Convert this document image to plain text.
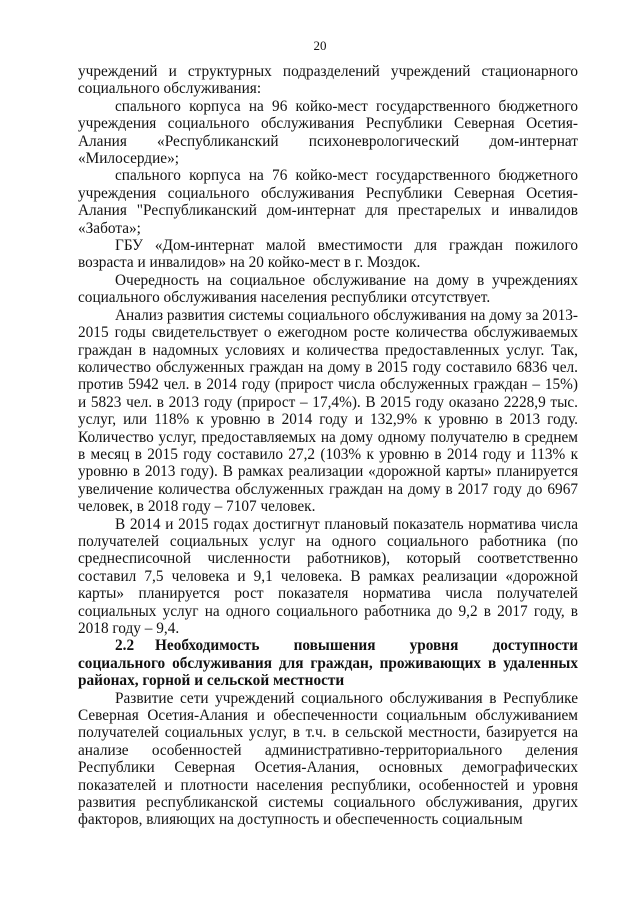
20

учреждений и структурных подразделений учреждений стационарного социального обслуживания:

спального корпуса на 96 койко-мест государственного бюджетного учреждения социального обслуживания Республики Северная Осетия-Алания «Республиканский психоневрологический дом-интернат «Милосердие»;

спального корпуса на 76 койко-мест государственного бюджетного учреждения социального обслуживания Республики Северная Осетия-Алания "Республиканский дом-интернат для престарелых и инвалидов «Забота»;

ГБУ «Дом-интернат малой вместимости для граждан пожилого возраста и инвалидов» на 20 койко-мест в г. Моздок.

Очередность на социальное обслуживание на дому в учреждениях социального обслуживания населения республики отсутствует.

Анализ развития системы социального обслуживания на дому за 2013-2015 годы свидетельствует о ежегодном росте количества обслуживаемых граждан в надомных условиях и количества предоставленных услуг. Так, количество обслуженных граждан на дому в 2015 году составило 6836 чел. против 5942 чел. в 2014 году (прирост числа обслуженных граждан – 15%) и 5823 чел. в 2013 году (прирост – 17,4%). В 2015 году оказано 2228,9 тыс. услуг, или 118% к уровню в 2014 году и 132,9% к уровню в 2013 году. Количество услуг, предоставляемых на дому одному получателю в среднем в месяц в 2015 году составило 27,2 (103% к уровню в 2014 году и 113% к уровню в 2013 году). В рамках реализации «дорожной карты» планируется увеличение количества обслуженных граждан на дому в 2017 году до 6967 человек, в 2018 году – 7107 человек.

В 2014 и 2015 годах достигнут плановый показатель норматива числа получателей социальных услуг на одного социального работника (по среднесписочной численности работников), который соответственно составил 7,5 человека и 9,1 человека. В рамках реализации «дорожной карты» планируется рост показателя норматива числа получателей социальных услуг на одного социального работника до 9,2 в 2017 году, в 2018 году – 9,4.

2.2 Необходимость повышения уровня доступности социального обслуживания для граждан, проживающих в удаленных районах, горной и сельской местности

Развитие сети учреждений социального обслуживания в Республике Северная Осетия-Алания и обеспеченности социальным обслуживанием получателей социальных услуг, в т.ч. в сельской местности, базируется на анализе особенностей административно-территориального деления Республики Северная Осетия-Алания, основных демографических показателей и плотности населения республики, особенностей и уровня развития республиканской системы социального обслуживания, других факторов, влияющих на доступность и обеспеченность социальным
